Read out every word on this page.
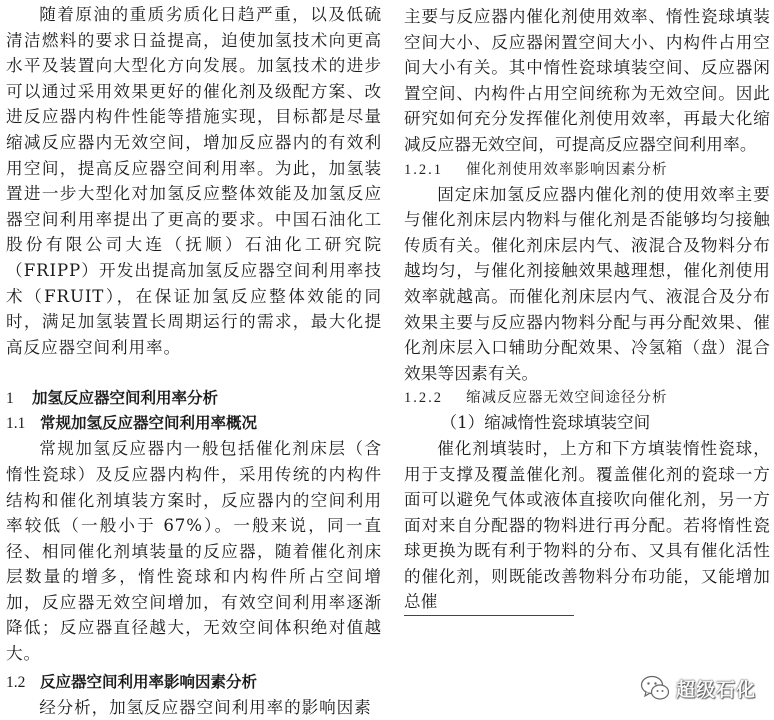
随着原油的重质劣质化日趋严重，以及低硫清洁燃料的要求日益提高，迫使加氢技术向更高水平及装置向大型化方向发展。加氢技术的进步可以通过采用效果更好的催化剂及级配方案、改进反应器内构件性能等措施实现，目标都是尽量缩减反应器内无效空间，增加反应器内的有效利用空间，提高反应器空间利用率。为此，加氢装置进一步大型化对加氢反应整体效能及加氢反应器空间利用率提出了更高的要求。中国石油化工股份有限公司大连（抚顺）石油化工研究院（FRIPP）开发出提高加氢反应器空间利用率技术（FRUIT），在保证加氢反应整体效能的同时，满足加氢装置长周期运行的需求，最大化提高反应器空间利用率。

1 加氢反应器空间利用率分析

1.1 常规加氢反应器空间利用率概况

常规加氢反应器内一般包括催化剂床层（含惰性瓷球）及反应器内构件，采用传统的内构件结构和催化剂填装方案时，反应器内的空间利用率较低（一般小于 67%）。一般来说，同一直径、相同催化剂填装量的反应器，随着催化剂床层数量的增多，惰性瓷球和内构件所占空间增加，反应器无效空间增加，有效空间利用率逐渐降低；反应器直径越大，无效空间体积绝对值越大。

1.2 反应器空间利用率影响因素分析

经分析，加氢反应器空间利用率的影响因素

主要与反应器内催化剂使用效率、惰性瓷球填装空间大小、反应器闲置空间大小、内构件占用空间大小有关。其中惰性瓷球填装空间、反应器闲置空间、内构件占用空间统称为无效空间。因此研究如何充分发挥催化剂使用效率，再最大化缩减反应器无效空间，可提高反应器空间利用率。

1.2.1 催化剂使用效率影响因素分析

固定床加氢反应器内催化剂的使用效率主要与催化剂床层内物料与催化剂是否能够均匀接触传质有关。催化剂床层内气、液混合及物料分布越均匀，与催化剂接触效果越理想，催化剂使用效率就越高。而催化剂床层内气、液混合及分布效果主要与反应器内物料分配与再分配效果、催化剂床层入口辅助分配效果、冷氢箱（盘）混合效果等因素有关。

1.2.2 缩减反应器无效空间途径分析

（1）缩减惰性瓷球填装空间

催化剂填装时，上方和下方填装惰性瓷球，用于支撑及覆盖催化剂。覆盖催化剂的瓷球一方面可以避免气体或液体直接吹向催化剂，另一方面对来自分配器的物料进行再分配。若将惰性瓷球更换为既有利于物料的分布、又具有催化活性的催化剂，则既能改善物料分布功能，又能增加总催

超级石化
